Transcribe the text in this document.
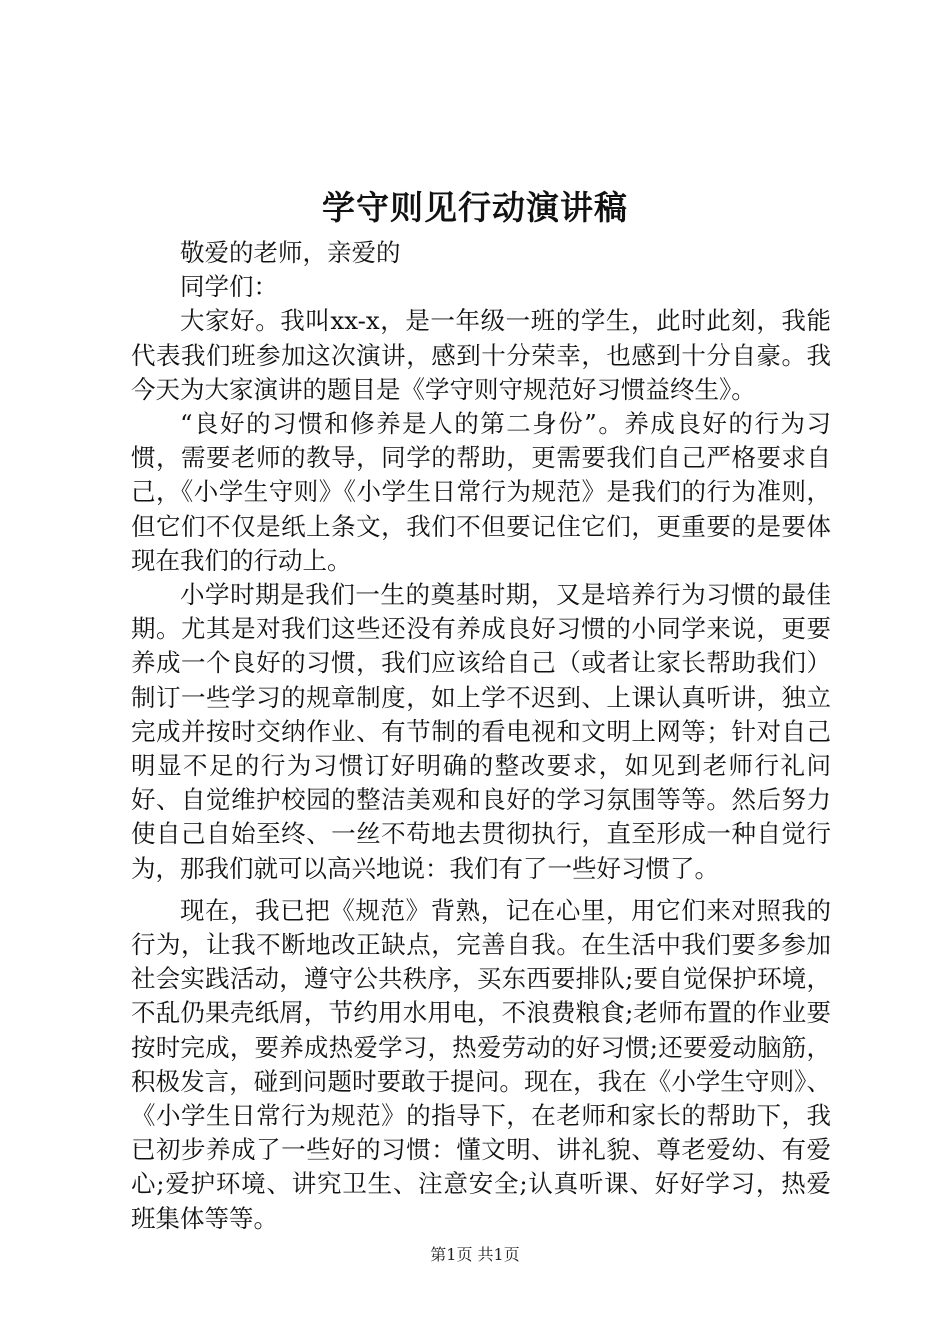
学守则见行动演讲稿

敬爱的老师，亲爱的

同学们：

大家好。我叫xx-x，是一年级一班的学生，此时此刻，我能代表我们班参加这次演讲，感到十分荣幸，也感到十分自豪。我今天为大家演讲的题目是《学守则守规范好习惯益终生》。

“良好的习惯和修养是人的第二身份”。养成良好的行为习惯，需要老师的教导，同学的帮助，更需要我们自己严格要求自己，《小学生守则》《小学生日常行为规范》是我们的行为准则，但它们不仅是纸上条文，我们不但要记住它们，更重要的是要体现在我们的行动上。

小学时期是我们一生的奠基时期，又是培养行为习惯的最佳期。尤其是对我们这些还没有养成良好习惯的小同学来说，更要养成一个良好的习惯，我们应该给自己（或者让家长帮助我们）制订一些学习的规章制度，如上学不迟到、上课认真听讲，独立完成并按时交纳作业、有节制的看电视和文明上网等；针对自己明显不足的行为习惯订好明确的整改要求，如见到老师行礼问好、自觉维护校园的整洁美观和良好的学习氛围等等。然后努力使自己自始至终、一丝不苟地去贯彻执行，直至形成一种自觉行为，那我们就可以高兴地说：我们有了一些好习惯了。

现在，我已把《规范》背熟，记在心里，用它们来对照我的行为，让我不断地改正缺点，完善自我。在生活中我们要多参加社会实践活动，遵守公共秩序，买东西要排队;要自觉保护环境，不乱仍果壳纸屑，节约用水用电，不浪费粮食;老师布置的作业要按时完成，要养成热爱学习，热爱劳动的好习惯;还要爱动脑筋，积极发言，碰到问题时要敢于提问。现在，我在《小学生守则》、《小学生日常行为规范》的指导下，在老师和家长的帮助下，我已初步养成了一些好的习惯：懂文明、讲礼貌、尊老爱幼、有爱心;爱护环境、讲究卫生、注意安全;认真听课、好好学习，热爱班集体等等。

第1页 共1页
